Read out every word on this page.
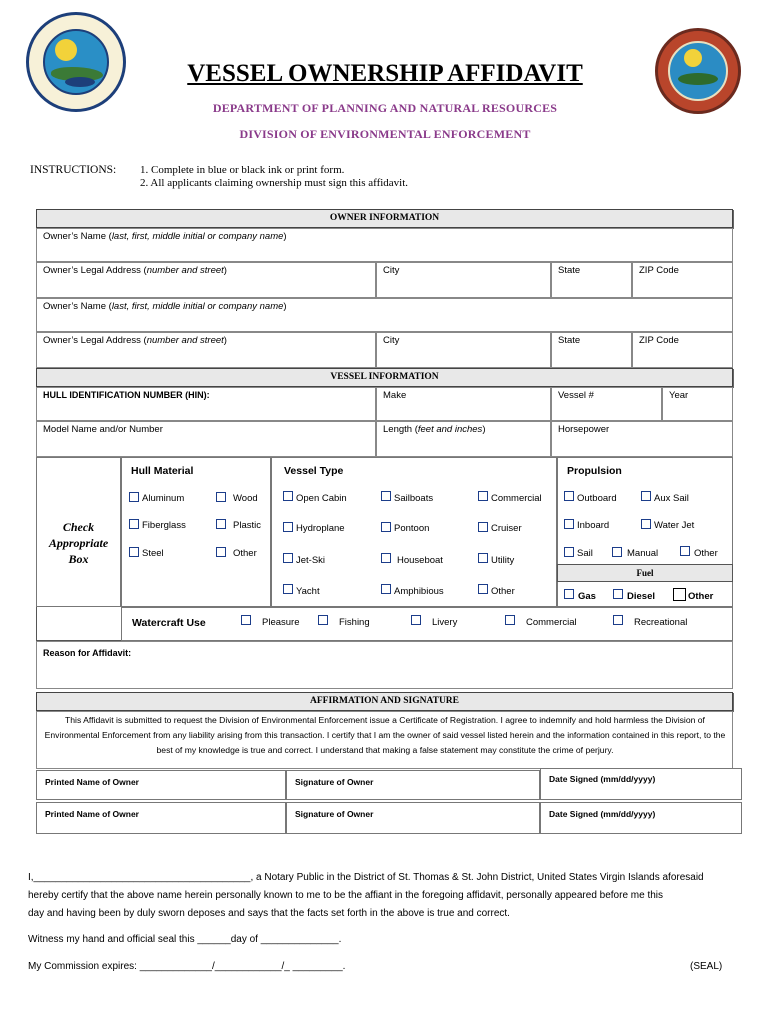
VESSEL OWNERSHIP AFFIDAVIT
DEPARTMENT OF PLANNING AND NATURAL RESOURCES
DIVISION OF ENVIRONMENTAL ENFORCEMENT
INSTRUCTIONS: 1. Complete in blue or black ink or print form.
2. All applicants claiming ownership must sign this affidavit.
OWNER INFORMATION
Owner’s Name (last, first, middle initial or company name)
Owner’s Legal Address (number and street)	City	State	ZIP Code
Owner’s Name (last, first, middle initial or company name)
Owner’s Legal Address (number and street)	City	State	ZIP Code
VESSEL INFORMATION
HULL IDENTIFICATION NUMBER (HIN):	Make	Vessel #	Year
Model Name and/or Number	Length (feet and inches)	Horsepower
Check
Appropriate
Box
Hull Material	Vessel Type	Propulsion
Aluminum	Wood
Fiberglass	Plastic
Steel	Other
Open Cabin	Sailboats	Commercial
Hydroplane	Pontoon	Cruiser
Jet-Ski	Houseboat	Utility
Yacht	Amphibious	Other
Outboard	Aux Sail
Inboard	Water Jet
Sail	Manual	Other
Fuel
Gas	Diesel	Other
Watercraft Use	Pleasure	Fishing	Livery	Commercial	Recreational
Reason for Affidavit:
AFFIRMATION AND SIGNATURE
This Affidavit is submitted to request the Division of Environmental Enforcement issue a Certificate of Registration. I agree to indemnify and hold harmless the Division of Environmental Enforcement from any liability arising from this transaction. I certify that I am the owner of said vessel listed herein and the information contained in this report, to the best of my knowledge is true and correct. I understand that making a false statement may constitute the crime of perjury.
Printed Name of Owner	Signature of Owner	Date Signed (mm/dd/yyyy)
Printed Name of Owner	Signature of Owner	Date Signed (mm/dd/yyyy)
I,_______________________________________, a Notary Public in the District of St. Thomas & St. John District, United States Virgin Islands aforesaid
hereby certify that the above name herein personally known to me to be the affiant in the foregoing affidavit, personally appeared before me this
day and having been by duly sworn deposes and says that the facts set forth in the above is true and correct.
Witness my hand and official seal this ______day of ______________.
My Commission expires: _____________/____________/_ _________.	(SEAL)
